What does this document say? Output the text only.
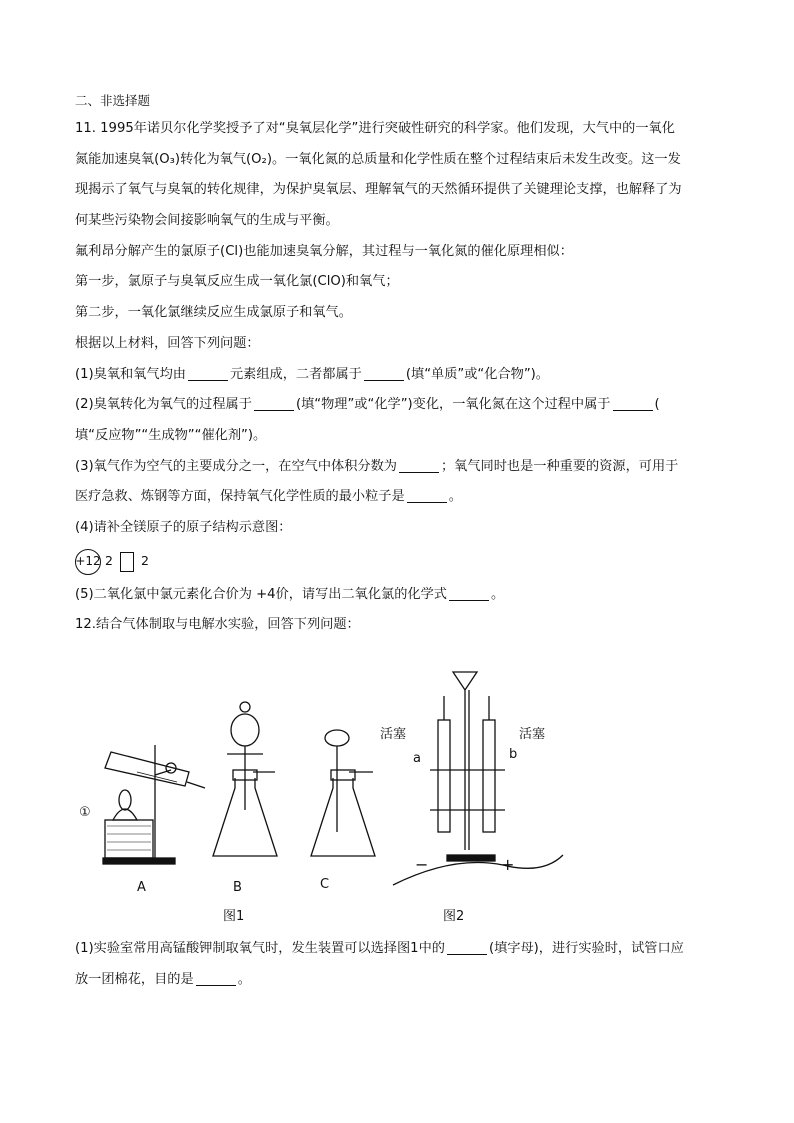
二、非选择题
11. 1995年诺贝尔化学奖授予了对“臭氧层化学”进行突破性研究的科学家。他们发现，大气中的一氧化
氮能加速臭氧(O₃)转化为氧气(O₂)。一氧化氮的总质量和化学性质在整个过程结束后未发生改变。这一发
现揭示了氧气与臭氧的转化规律，为保护臭氧层、理解氧气的天然循环提供了关键理论支撑，也解释了为
何某些污染物会间接影响氧气的生成与平衡。
氟利昂分解产生的氯原子(Cl)也能加速臭氧分解，其过程与一氧化氮的催化原理相似：
第一步，氯原子与臭氧反应生成一氧化氯(ClO)和氧气；
第二步，一氧化氯继续反应生成氯原子和氧气。
根据以上材料，回答下列问题：
(1)臭氧和氧气均由	元素组成，二者都属于	(填“单质”或“化合物”)。
(2)臭氧转化为氧气的过程属于	(填“物理”或“化学”)变化，一氧化氮在这个过程中属于	(
填“反应物”“生成物”“催化剂”)。
(3)氧气作为空气的主要成分之一，在空气中体积分数为	；氧气同时也是一种重要的资源，可用于
医疗急救、炼钢等方面，保持氧气化学性质的最小粒子是	。
(4)请补全镁原子的原子结构示意图：
+12 2 2
(5)二氧化氯中氯元素化合价为 +4价，请写出二氧化氯的化学式	。
12.结合气体制取与电解水实验，回答下列问题：
①
A	B	C
图1
活塞	活塞
a	b
−	+
图2
(1)实验室常用高锰酸钾制取氧气时，发生装置可以选择图1中的	(填字母)，进行实验时，试管口应
放一团棉花，目的是	。
